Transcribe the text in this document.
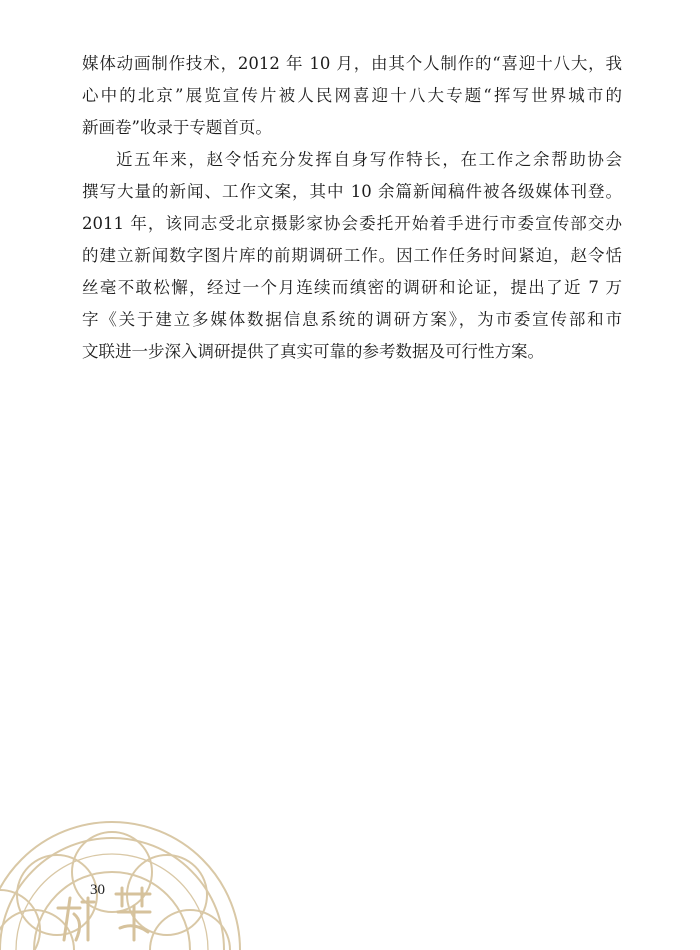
媒体动画制作技术，2012 年 10 月，由其个人制作的“喜迎十八大，我
心中的北京”展览宣传片被人民网喜迎十八大专题“挥写世界城市的
新画卷”收录于专题首页。
近五年来，赵令恬充分发挥自身写作特长，在工作之余帮助协会
撰写大量的新闻、工作文案，其中 10 余篇新闻稿件被各级媒体刊登。
2011 年，该同志受北京摄影家协会委托开始着手进行市委宣传部交办
的建立新闻数字图片库的前期调研工作。因工作任务时间紧迫，赵令恬
丝毫不敢松懈，经过一个月连续而缜密的调研和论证，提出了近 7 万
字《关于建立多媒体数据信息系统的调研方案》，为市委宣传部和市
文联进一步深入调研提供了真实可靠的参考数据及可行性方案。
30
